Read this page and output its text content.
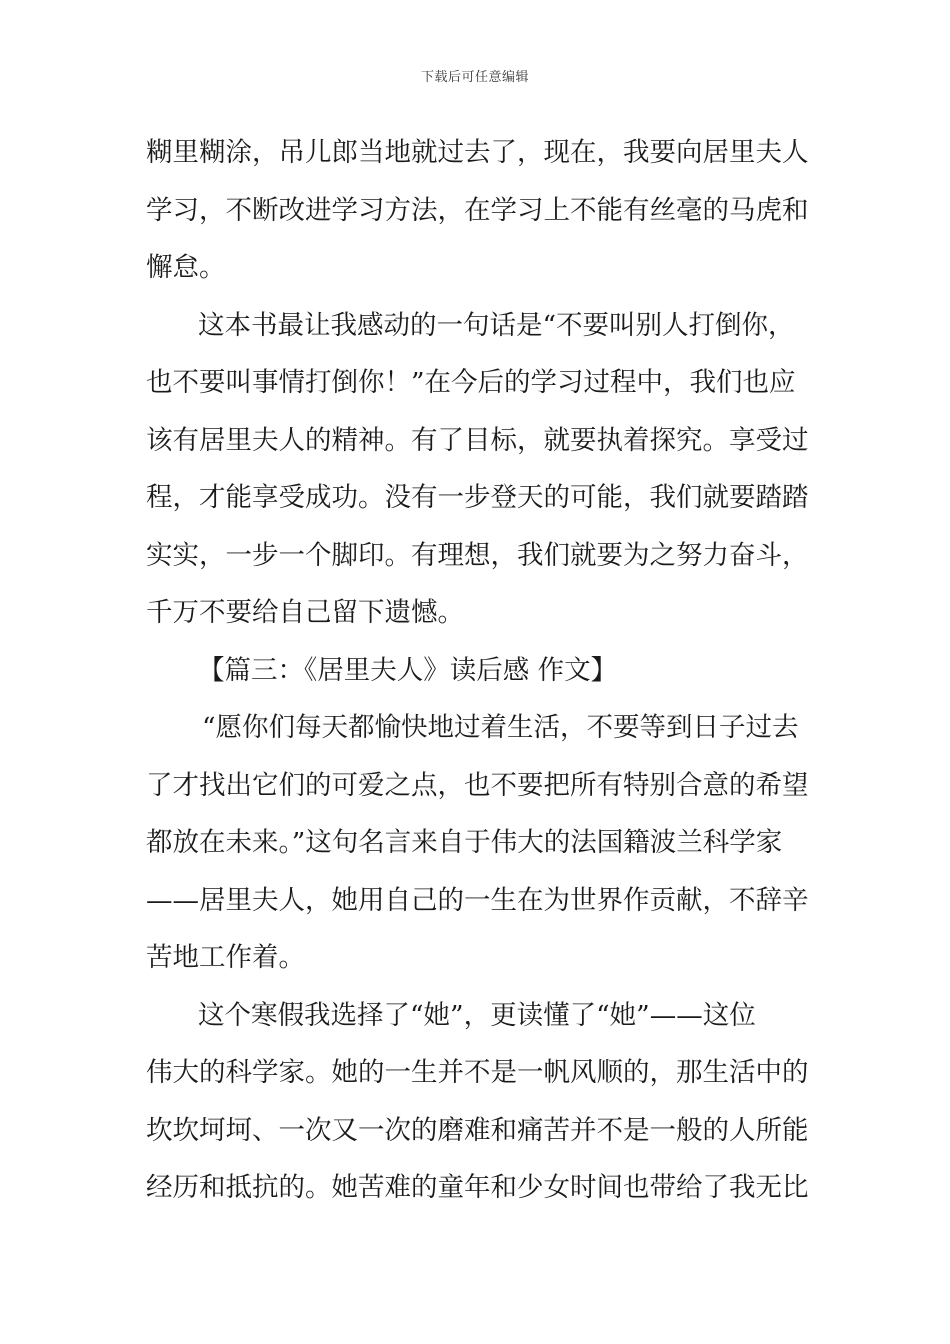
下载后可任意编辑
糊里糊涂，吊儿郎当地就过去了，现在，我要向居里夫人
学习，不断改进学习方法，在学习上不能有丝毫的马虎和
懈怠。
这本书最让我感动的一句话是“不要叫别人打倒你，
也不要叫事情打倒你！”在今后的学习过程中，我们也应
该有居里夫人的精神。有了目标，就要执着探究。享受过
程，才能享受成功。没有一步登天的可能，我们就要踏踏
实实，一步一个脚印。有理想，我们就要为之努力奋斗，
千万不要给自己留下遗憾。
【篇三：《居里夫人》读后感 作文】
“愿你们每天都愉快地过着生活，不要等到日子过去
了才找出它们的可爱之点，也不要把所有特别合意的希望
都放在未来。”这句名言来自于伟大的法国籍波兰科学家
——居里夫人，她用自己的一生在为世界作贡献，不辞辛
苦地工作着。
这个寒假我选择了“她”，更读懂了“她”——这位
伟大的科学家。她的一生并不是一帆风顺的，那生活中的
坎坎坷坷、一次又一次的磨难和痛苦并不是一般的人所能
经历和抵抗的。她苦难的童年和少女时间也带给了我无比
